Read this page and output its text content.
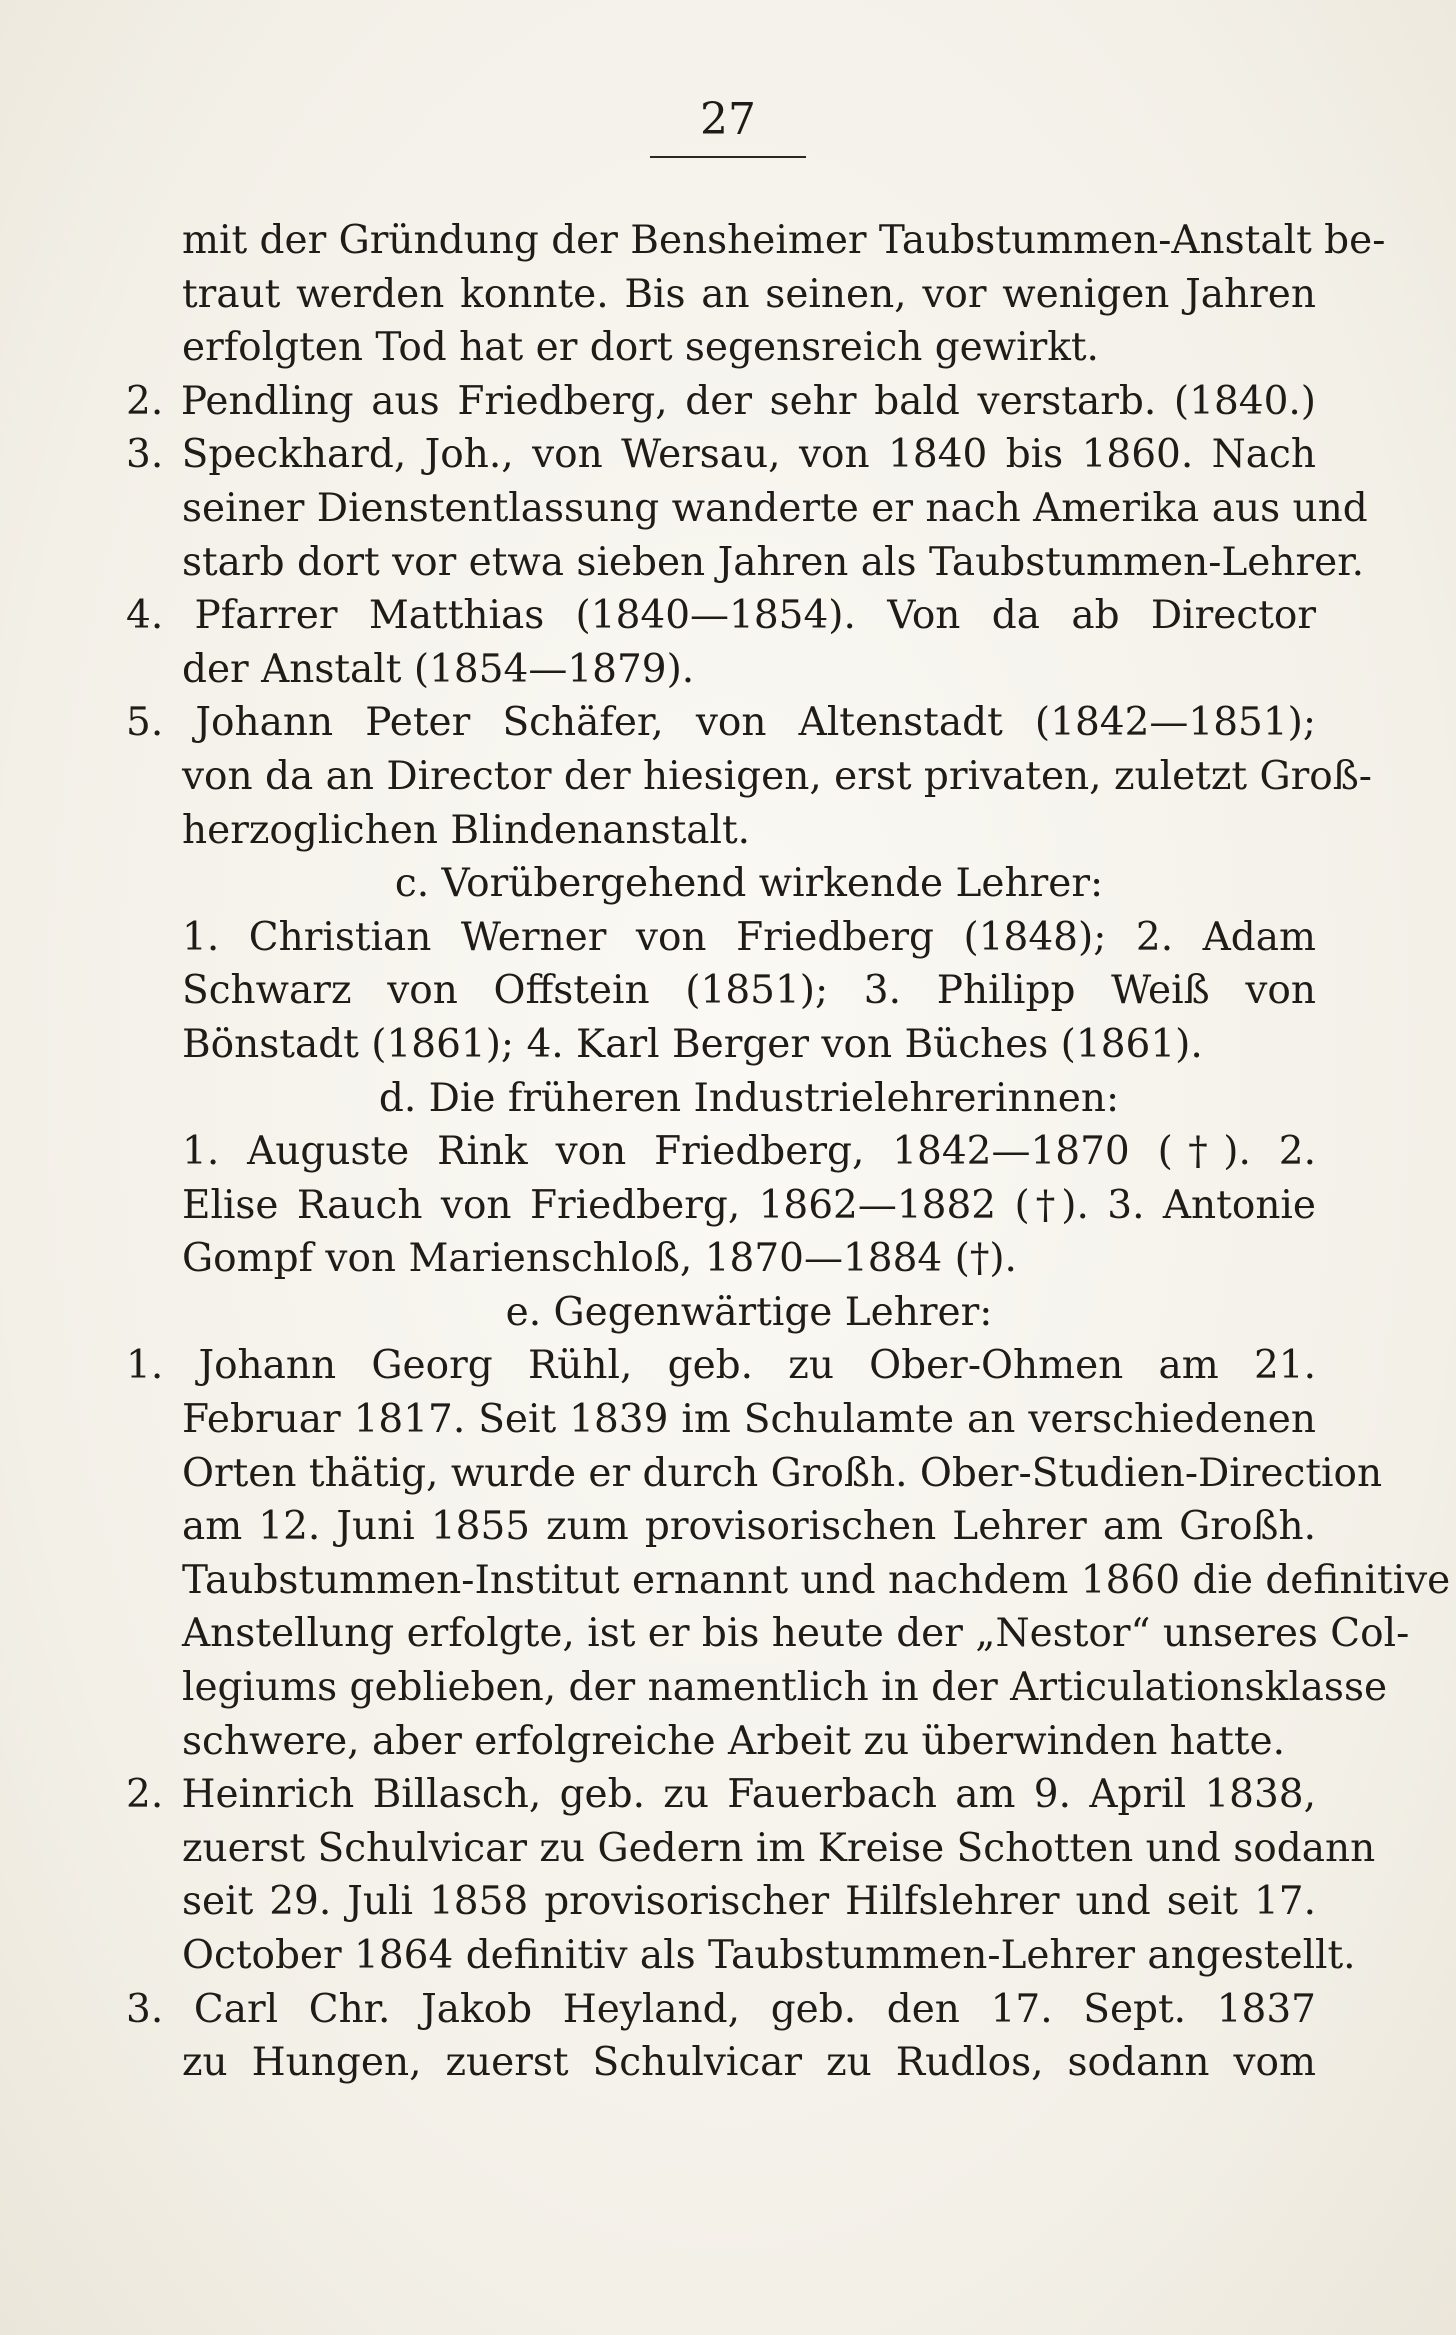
27
mit der Gründung der Bensheimer Taubstummen-Anstalt be-
traut werden konnte. Bis an seinen, vor wenigen Jahren
erfolgten Tod hat er dort segensreich gewirkt.
2. Pendling aus Friedberg, der sehr bald verstarb. (1840.)
3. Speckhard, Joh., von Wersau, von 1840 bis 1860. Nach
seiner Dienstentlassung wanderte er nach Amerika aus und
starb dort vor etwa sieben Jahren als Taubstummen-Lehrer.
4. Pfarrer Matthias (1840—1854). Von da ab Director
der Anstalt (1854—1879).
5. Johann Peter Schäfer, von Altenstadt (1842—1851);
von da an Director der hiesigen, erst privaten, zuletzt Groß-
herzoglichen Blindenanstalt.
c. Vorübergehend wirkende Lehrer:
1. Christian Werner von Friedberg (1848); 2. Adam
Schwarz von Offstein (1851); 3. Philipp Weiß von
Bönstadt (1861); 4. Karl Berger von Büches (1861).
d. Die früheren Industrielehrerinnen:
1. Auguste Rink von Friedberg, 1842—1870 (†). 2.
Elise Rauch von Friedberg, 1862—1882 (†). 3. Antonie
Gompf von Marienschloß, 1870—1884 (†).
e. Gegenwärtige Lehrer:
1. Johann Georg Rühl, geb. zu Ober-Ohmen am 21.
Februar 1817. Seit 1839 im Schulamte an verschiedenen
Orten thätig, wurde er durch Großh. Ober-Studien-Direction
am 12. Juni 1855 zum provisorischen Lehrer am Großh.
Taubstummen-Institut ernannt und nachdem 1860 die definitive
Anstellung erfolgte, ist er bis heute der „Nestor“ unseres Col-
legiums geblieben, der namentlich in der Articulationsklasse
schwere, aber erfolgreiche Arbeit zu überwinden hatte.
2. Heinrich Billasch, geb. zu Fauerbach am 9. April 1838,
zuerst Schulvicar zu Gedern im Kreise Schotten und sodann
seit 29. Juli 1858 provisorischer Hilfslehrer und seit 17.
October 1864 definitiv als Taubstummen-Lehrer angestellt.
3. Carl Chr. Jakob Heyland, geb. den 17. Sept. 1837
zu Hungen, zuerst Schulvicar zu Rudlos, sodann vom
